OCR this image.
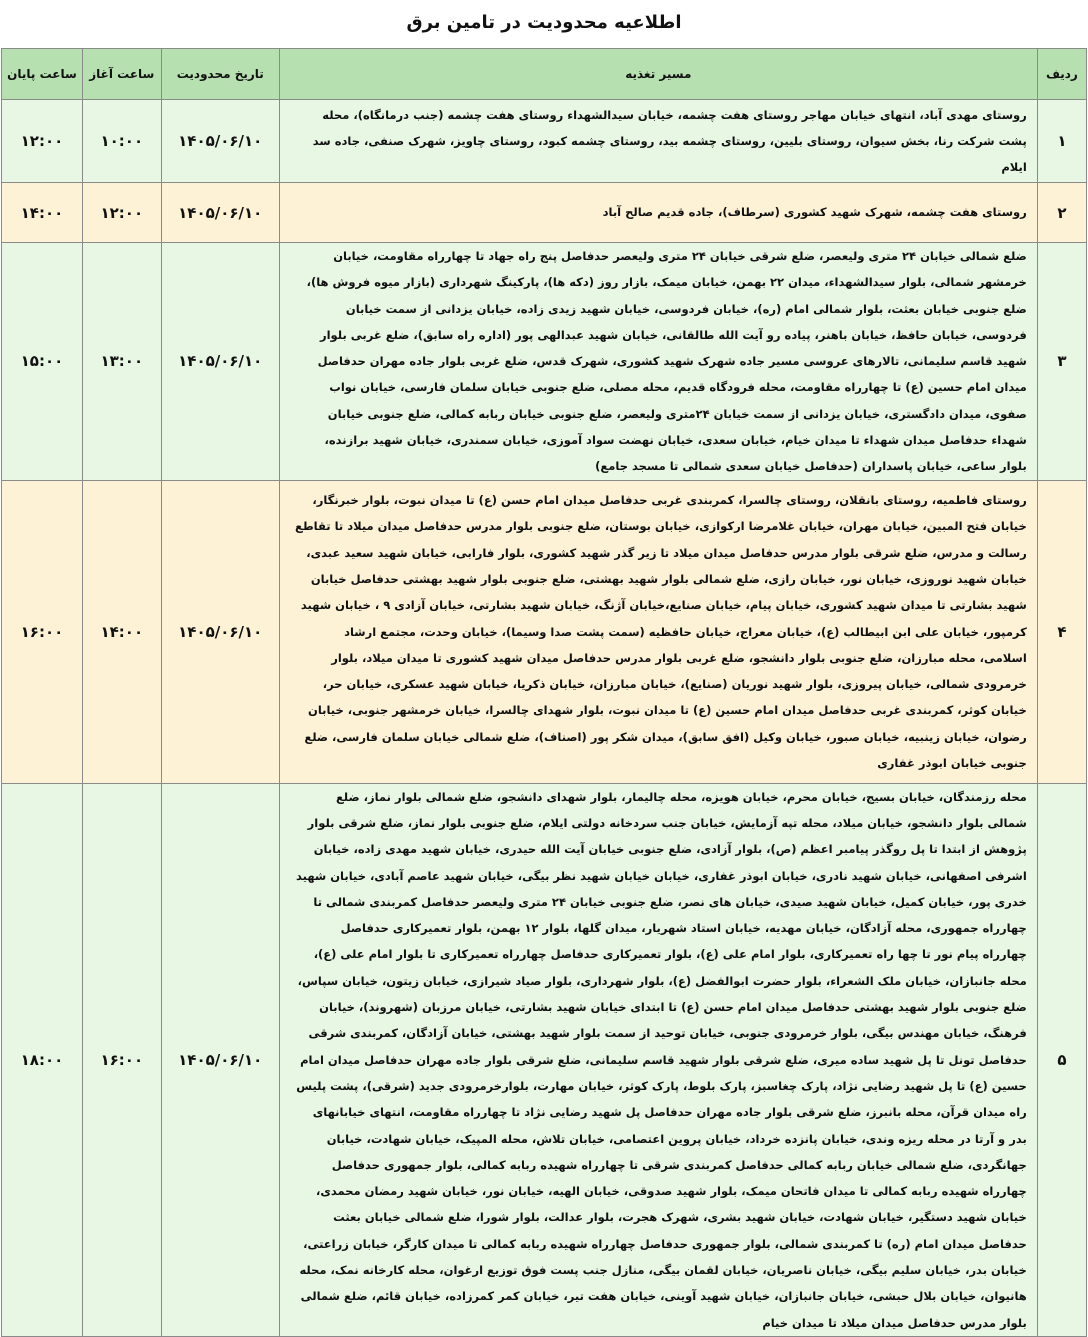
اطلاعیه محدودیت در تامین برق
ردیف	مسیر تغذیه	تاریخ محدودیت	ساعت آغاز	ساعت پایان
۱	روستای مهدی آباد، انتهای خیابان مهاجر روستای هفت چشمه، خیابان سیدالشهداء روستای هفت چشمه (جنب درمانگاه)، محله پشت شرکت رنا، بخش سیوان، روستای بلیین، روستای چشمه بید، روستای چشمه کبود، روستای چاویز، شهرک صنفی، جاده سد ایلام	۱۴۰۵/۰۶/۱۰	۱۰:۰۰	۱۲:۰۰
۲	روستای هفت چشمه، شهرک شهید کشوری (سرطاف)، جاده قدیم صالح آباد	۱۴۰۵/۰۶/۱۰	۱۲:۰۰	۱۴:۰۰
۳	ضلع شمالی خیابان ۲۴ متری ولیعصر، ضلع شرقی خیابان ۲۴ متری ولیعصر حدفاصل پنج راه جهاد تا چهارراه مقاومت، خیابان خرمشهر شمالی، بلوار سیدالشهداء، میدان ۲۲ بهمن، خیابان میمک، بازار روز (دکه ها)، پارکینگ شهرداری (بازار میوه فروش ها)، ضلع جنوبی خیابان بعثت، بلوار شمالی امام (ره)، خیابان فردوسی، خیابان شهید زیدی زاده، خیابان یزدانی از سمت خیابان فردوسی، خیابان حافظ، خیابان باهنر، پیاده رو آیت الله طالقانی، خیابان شهید عبدالهی پور (اداره راه سابق)، ضلع غربی بلوار شهید قاسم سلیمانی، تالارهای عروسی مسیر جاده شهرک شهید کشوری، شهرک قدس، ضلع غربی بلوار جاده مهران حدفاصل میدان امام حسین (ع) تا چهارراه مقاومت، محله فرودگاه قدیم، محله مصلی، ضلع جنوبی خیابان سلمان فارسی، خیابان نواب صفوی، میدان دادگستری، خیابان یزدانی از سمت خیابان ۲۴متری ولیعصر، ضلع جنوبی خیابان ربابه کمالی، ضلع جنوبی خیابان شهداء حدفاصل میدان شهداء تا میدان خیام، خیابان سعدی، خیابان نهضت سواد آموزی، خیابان سمندری، خیابان شهید برازنده، بلوار ساعی، خیابان پاسداران (حدفاصل خیابان سعدی شمالی تا مسجد جامع)	۱۴۰۵/۰۶/۱۰	۱۳:۰۰	۱۵:۰۰
۴	روستای فاطمیه، روستای بانقلان، روستای چالسرا، کمربندی غربی حدفاصل میدان امام حسن (ع) تا میدان نبوت، بلوار خبرنگار، خیابان فتح المبین، خیابان مهران، خیابان غلامرضا ارکوازی، خیابان بوستان، ضلع جنوبی بلوار مدرس حدفاصل میدان میلاد تا تقاطع رسالت و مدرس، ضلع شرقی بلوار مدرس حدفاصل میدان میلاد تا زیر گذر شهید کشوری، بلوار فارابی، خیابان شهید سعید عبدی، خیابان شهید نوروزی، خیابان نور، خیابان رازی، ضلع شمالی بلوار شهید بهشتی، ضلع جنوبی بلوار شهید بهشتی حدفاصل خیابان شهید بشارتی تا میدان شهید کشوری، خیابان پیام، خیابان صنایع،خیابان آژنگ، خیابان شهید بشارتی، خیابان آزادی ۹ ، خیابان شهید کرمپور، خیابان علی ابن ابیطالب (ع)، خیابان معراج، خیابان حافظیه (سمت پشت صدا وسیما)، خیابان وحدت، مجتمع ارشاد اسلامی، محله مبارزان، ضلع جنوبی بلوار دانشجو، ضلع غربی بلوار مدرس حدفاصل میدان شهید کشوری تا میدان میلاد، بلوار خرمرودی شمالی، خیابان پیروزی، بلوار شهید نوریان (صنایع)، خیابان مبارزان، خیابان ذکریا، خیابان شهید عسکری، خیابان حر، خیابان کوثر، کمربندی غربی حدفاصل میدان امام حسین (ع) تا میدان نبوت، بلوار شهدای چالسرا، خیابان خرمشهر جنوبی، خیابان رضوان، خیابان زینبیه، خیابان صبور، خیابان وکیل (افق سابق)، میدان شکر پور (اصناف)، ضلع شمالی خیابان سلمان فارسی، ضلع جنوبی خیابان ابوذر غفاری	۱۴۰۵/۰۶/۱۰	۱۴:۰۰	۱۶:۰۰
۵	محله رزمندگان، خیابان بسیج، خیابان محرم، خیابان هویزه، محله چالیمار، بلوار شهدای دانشجو، ضلع شمالی بلوار نماز، ضلع شمالی بلوار دانشجو، خیابان میلاد، محله تپه آزمایش، خیابان جنب سردخانه دولتی ایلام، ضلع جنوبی بلوار نماز، ضلع شرقی بلوار پژوهش از ابتدا تا پل روگذر پیامبر اعظم (ص)، بلوار آزادی، ضلع جنوبی خیابان آیت الله حیدری، خیابان شهید مهدی زاده، خیابان اشرفی اصفهانی، خیابان شهید نادری، خیابان ابوذر غفاری، خیابان خیابان شهید نظر بیگی، خیابان شهید عاصم آبادی، خیابان شهید خدری پور، خیابان کمیل، خیابان شهید صیدی، خیابان های نصر، ضلع جنوبی خیابان ۲۴ متری ولیعصر حدفاصل کمربندی شمالی تا چهارراه جمهوری، محله آزادگان، خیابان مهدیه، خیابان استاد شهریار، میدان گلها، بلوار ۱۲ بهمن، بلوار تعمیرکاری حدفاصل چهارراه پیام نور تا چها راه تعمیرکاری، بلوار امام علی (ع)، بلوار تعمیرکاری حدفاصل چهارراه تعمیرکاری تا بلوار امام علی (ع)، محله جانبازان، خیابان ملک الشعراء، بلوار حضرت ابوالفضل (ع)، بلوار شهرداری، بلوار صیاد شیرازی، خیابان زیتون، خیابان سپاس، ضلع جنوبی بلوار شهید بهشتی حدفاصل میدان امام حسن (ع) تا ابتدای خیابان شهید بشارتی، خیابان مرزبان (شهروند)، خیابان فرهنگ، خیابان مهندس بیگی، بلوار خرمرودی جنوبی، خیابان توحید از سمت بلوار شهید بهشتی، خیابان آزادگان، کمربندی شرقی حدفاصل تونل تا پل شهید ساده میری، ضلع شرقی بلوار شهید قاسم سلیمانی، ضلع شرقی بلوار جاده مهران حدفاصل میدان امام حسین (ع) تا پل شهید رضایی نژاد، پارک چغاسبز، پارک بلوط، پارک کوثر، خیابان مهارت، بلوارخرمرودی جدید (شرقی)، پشت پلیس راه میدان قرآن، محله بانبرز، ضلع شرقی بلوار جاده مهران حدفاصل پل شهید رضایی نژاد تا چهارراه مقاومت، انتهای خیابانهای بدر و آرتا در محله ریزه وندی، خیابان پانزده خرداد، خیابان پروین اعتصامی، خیابان تلاش، محله المپیک، خیابان شهادت، خیابان جهانگردی، ضلع شمالی خیابان ربابه کمالی حدفاصل کمربندی شرقی تا چهارراه شهیده ربابه کمالی، بلوار جمهوری حدفاصل چهارراه شهیده ربابه کمالی تا میدان فاتحان میمک، بلوار شهید صدوقی، خیابان الهیه، خیابان نور، خیابان شهید رمضان محمدی، خیابان شهید دستگیر، خیابان شهادت، خیابان شهید بشری، شهرک هجرت، بلوار عدالت، بلوار شورا، ضلع شمالی خیابان بعثت حدفاصل میدان امام (ره) تا کمربندی شمالی، بلوار جمهوری حدفاصل چهارراه شهیده ربابه کمالی تا میدان کارگر، خیابان زراعتی، خیابان بدر، خیابان سلیم بیگی، خیابان ناصریان، خیابان لقمان بیگی، منازل جنب پست فوق توزیع ارغوان، محله کارخانه نمک، محله هانیوان، خیابان بلال حبشی، خیابان جانبازان، خیابان شهید آوینی، خیابان هفت تیر، خیابان کمر کمرزاده، خیابان قائم، ضلع شمالی بلوار مدرس حدفاصل میدان میلاد تا میدان خیام	۱۴۰۵/۰۶/۱۰	۱۶:۰۰	۱۸:۰۰
